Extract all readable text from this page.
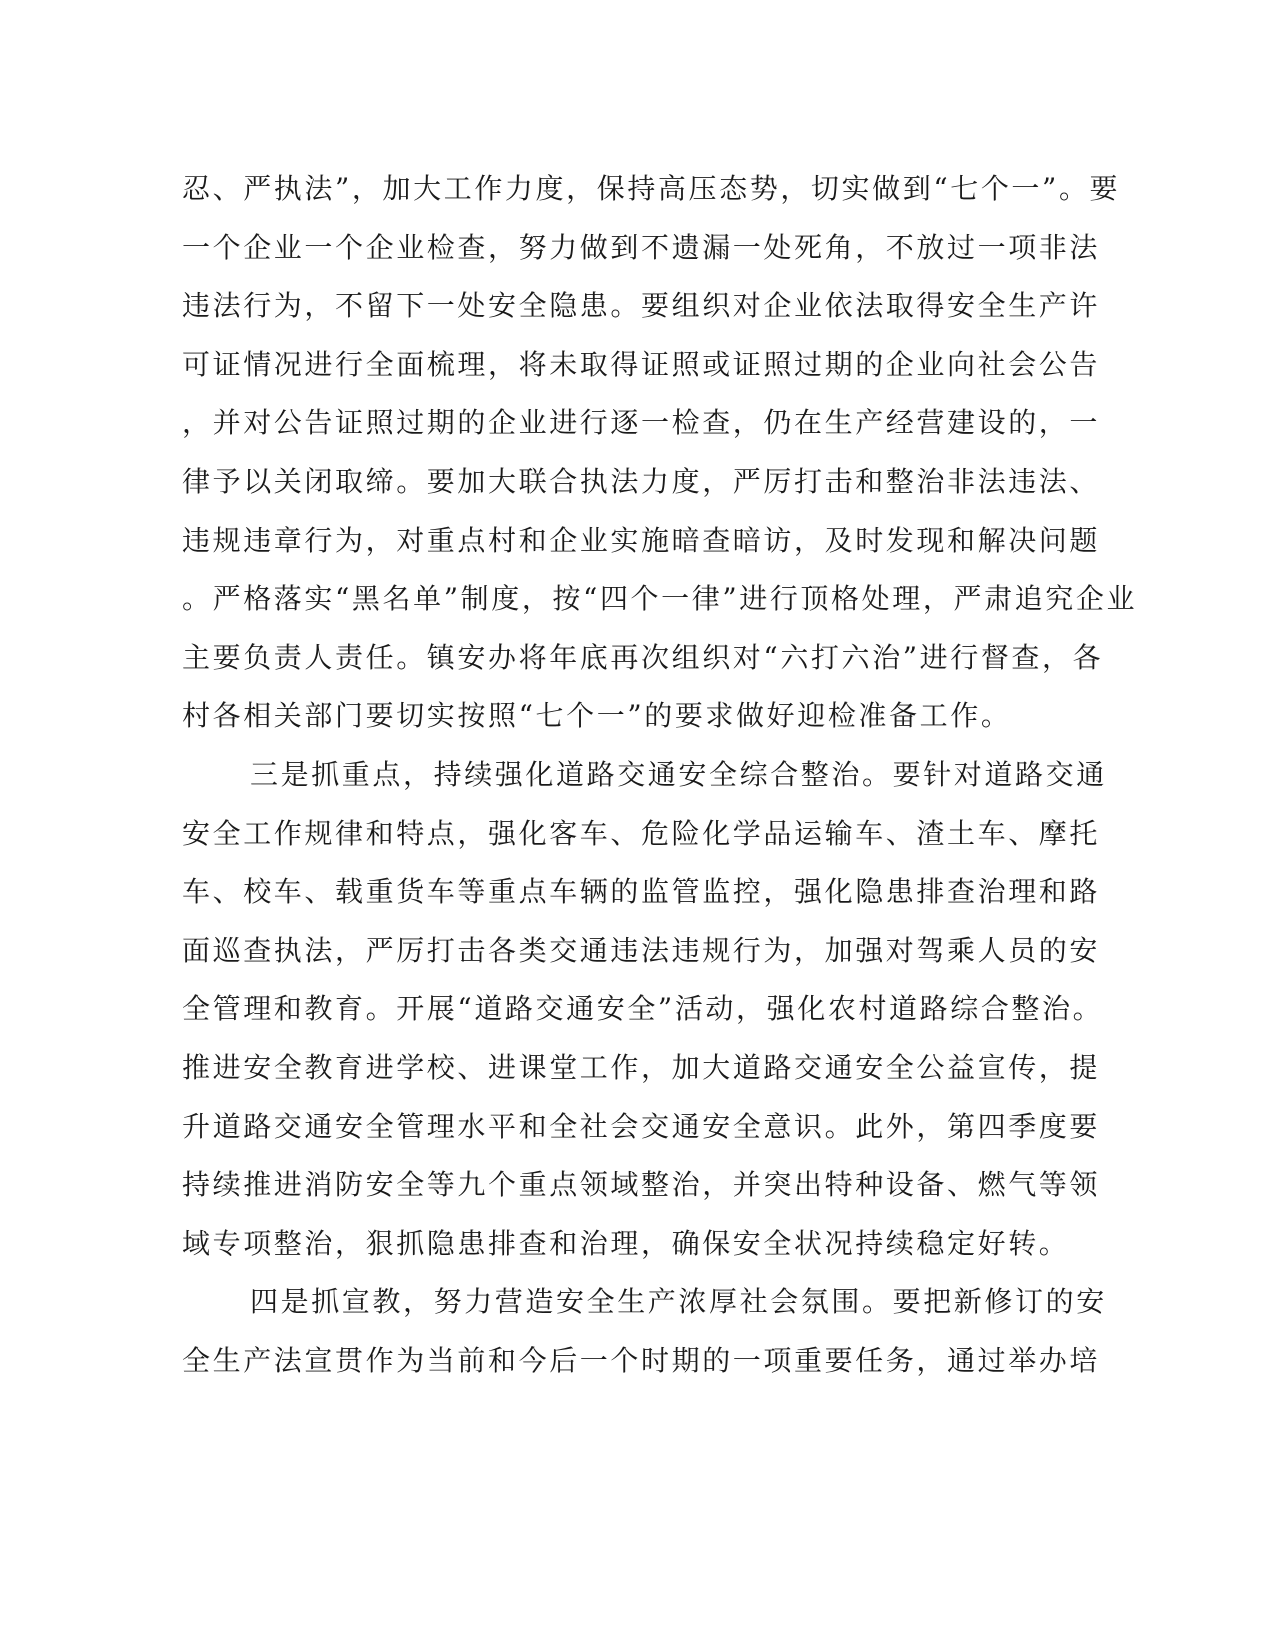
忍、严执法”，加大工作力度，保持高压态势，切实做到“七个一”。要
一个企业一个企业检查，努力做到不遗漏一处死角，不放过一项非法
违法行为，不留下一处安全隐患。要组织对企业依法取得安全生产许
可证情况进行全面梳理，将未取得证照或证照过期的企业向社会公告
，并对公告证照过期的企业进行逐一检查，仍在生产经营建设的，一
律予以关闭取缔。要加大联合执法力度，严厉打击和整治非法违法、
违规违章行为，对重点村和企业实施暗查暗访，及时发现和解决问题
。严格落实“黑名单”制度，按“四个一律”进行顶格处理，严肃追究企业
主要负责人责任。镇安办将年底再次组织对“六打六治”进行督查，各
村各相关部门要切实按照“七个一”的要求做好迎检准备工作。
三是抓重点，持续强化道路交通安全综合整治。要针对道路交通
安全工作规律和特点，强化客车、危险化学品运输车、渣土车、摩托
车、校车、载重货车等重点车辆的监管监控，强化隐患排查治理和路
面巡查执法，严厉打击各类交通违法违规行为，加强对驾乘人员的安
全管理和教育。开展“道路交通安全”活动，强化农村道路综合整治。
推进安全教育进学校、进课堂工作，加大道路交通安全公益宣传，提
升道路交通安全管理水平和全社会交通安全意识。此外，第四季度要
持续推进消防安全等九个重点领域整治，并突出特种设备、燃气等领
域专项整治，狠抓隐患排查和治理，确保安全状况持续稳定好转。
四是抓宣教，努力营造安全生产浓厚社会氛围。要把新修订的安
全生产法宣贯作为当前和今后一个时期的一项重要任务，通过举办培
